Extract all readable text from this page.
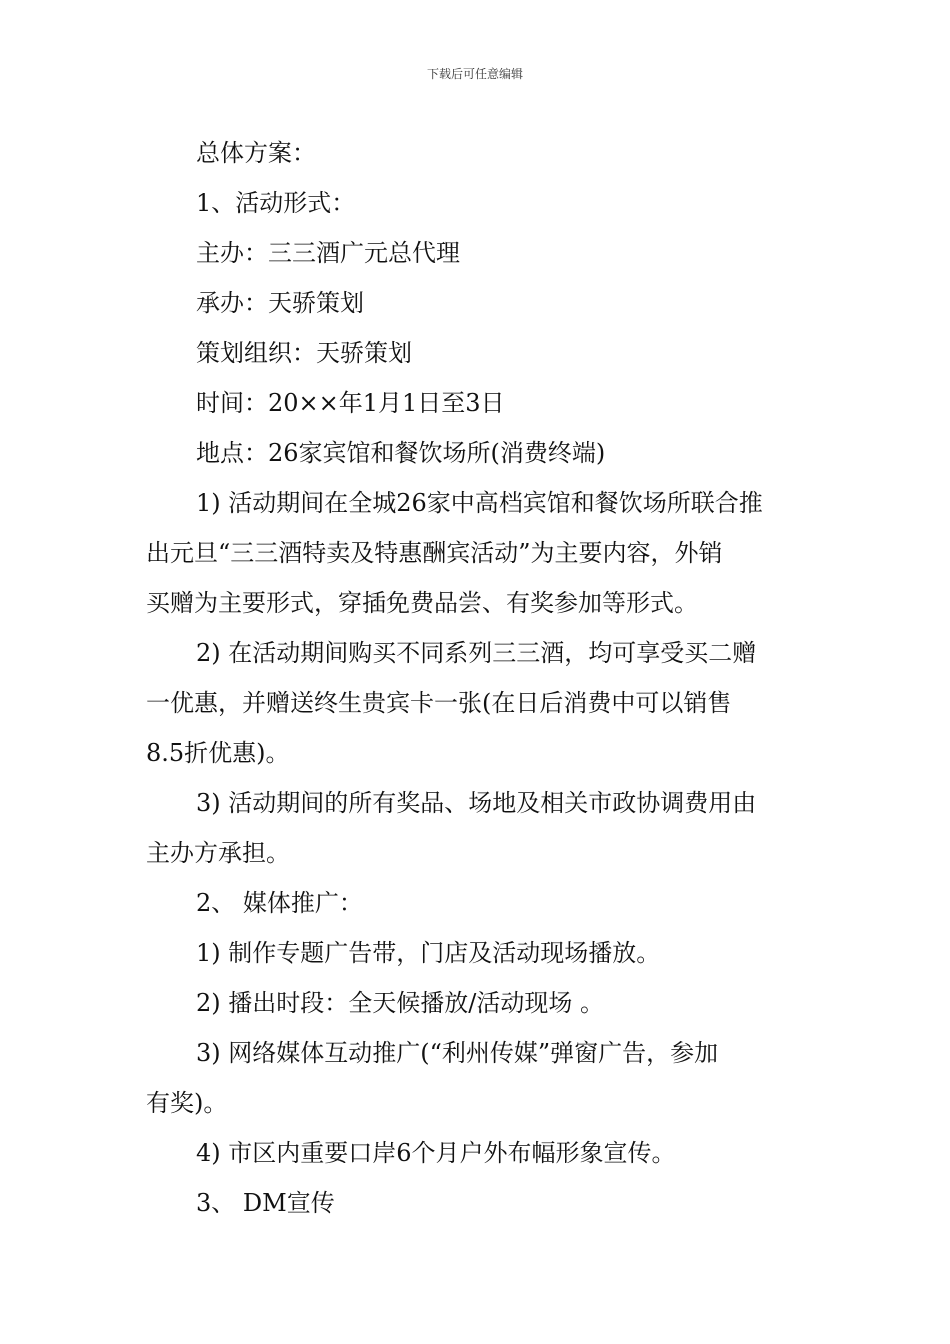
下载后可任意编辑
总体方案：
1、活动形式：
主办：三三酒广元总代理
承办：天骄策划
策划组织：天骄策划
时间：20××年1月1日至3日
地点：26家宾馆和餐饮场所(消费终端)
1) 活动期间在全城26家中高档宾馆和餐饮场所联合推
出元旦“三三酒特卖及特惠酬宾活动”为主要内容，外销
买赠为主要形式，穿插免费品尝、有奖参加等形式。
2) 在活动期间购买不同系列三三酒，均可享受买二赠
一优惠，并赠送终生贵宾卡一张(在日后消费中可以销售
8.5折优惠)。
3) 活动期间的所有奖品、场地及相关市政协调费用由
主办方承担。
2、 媒体推广：
1) 制作专题广告带，门店及活动现场播放。
2) 播出时段：全天候播放/活动现场 。
3) 网络媒体互动推广(“利州传媒”弹窗广告，参加
有奖)。
4) 市区内重要口岸6个月户外布幅形象宣传。
3、 DM宣传
